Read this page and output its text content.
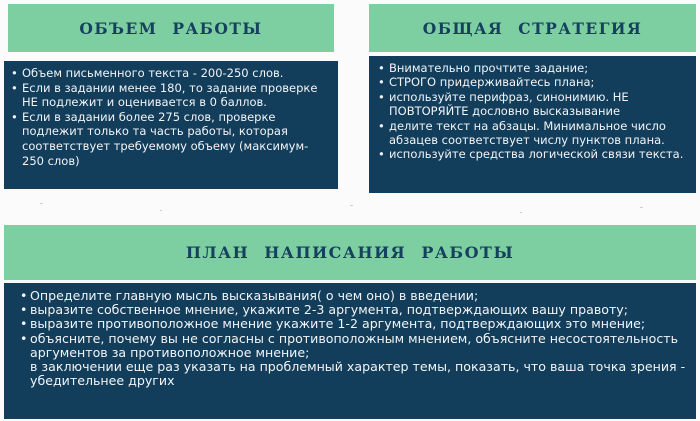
ОБЪЕМ РАБОТЫ
• Объем письменного текста - 200-250 слов.
• Если в задании менее 180, то задание проверке НЕ подлежит и оценивается в 0 баллов.
• Если в задании более 275 слов, проверке подлежит только та часть работы, которая соответствует требуемому объему (максимум- 250 слов)
ОБЩАЯ СТРАТЕГИЯ
• Внимательно прочтите задание;
• СТРОГО придерживайтесь плана;
• используйте перифраз, синонимию. НЕ ПОВТОРЯЙТЕ дословно высказывание
• делите текст на абзацы. Минимальное число абзацев соответствует числу пунктов плана.
• используйте средства логической связи текста.
ПЛАН НАПИСАНИЯ РАБОТЫ
• Определите главную мысль высказывания( о чем оно) в введении;
• выразите собственное мнение, укажите 2-3 аргумента, подтверждающих вашу правоту;
• выразите противоположное мнение укажите 1-2 аргумента, подтверждающих это мнение;
• объясните, почему вы не согласны с противоположным мнением, объясните несостоятельность аргументов за противоположное мнение;
в заключении еще раз указать на проблемный характер темы, показать, что ваша точка зрения - убедительнее других
